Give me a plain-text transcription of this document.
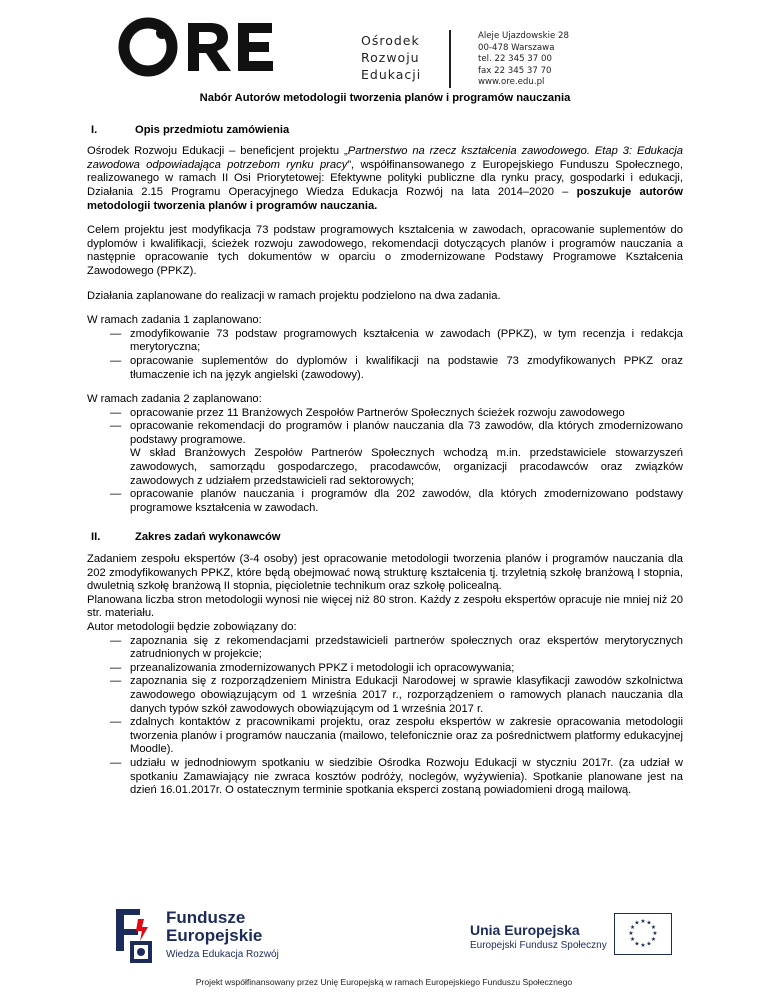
Ośrodek
Rozwoju
Edukacji
Aleje Ujazdowskie 28
00-478 Warszawa
tel. 22 345 37 00
fax 22 345 37 70
www.ore.edu.pl
Nabór Autorów metodologii tworzenia planów i programów nauczania
I.	Opis przedmiotu zamówienia

Ośrodek Rozwoju Edukacji – beneficjent projektu „Partnerstwo na rzecz kształcenia zawodowego. Etap 3: Edukacja zawodowa odpowiadająca potrzebom rynku pracy”, współfinansowanego z Europejskiego Funduszu Społecznego, realizowanego w ramach II Osi Priorytetowej: Efektywne polityki publiczne dla rynku pracy, gospodarki i edukacji, Działania 2.15 Programu Operacyjnego Wiedza Edukacja Rozwój na lata 2014–2020 – poszukuje autorów metodologii tworzenia planów i programów nauczania.

Celem projektu jest modyfikacja 73 podstaw programowych kształcenia w zawodach, opracowanie suplementów do dyplomów i kwalifikacji, ścieżek rozwoju zawodowego, rekomendacji dotyczących planów i programów nauczania a następnie opracowanie tych dokumentów w oparciu o zmodernizowane Podstawy Programowe Kształcenia Zawodowego (PPKZ).

Działania zaplanowane do realizacji w ramach projektu podzielono na dwa zadania.

W ramach zadania 1 zaplanowano:

— zmodyfikowanie 73 podstaw programowych kształcenia w zawodach (PPKZ), w tym recenzja i redakcja merytoryczna;
— opracowanie suplementów do dyplomów i kwalifikacji na podstawie 73 zmodyfikowanych PPKZ oraz tłumaczenie ich na język angielski (zawodowy).

W ramach zadania 2 zaplanowano:

— opracowanie przez 11 Branżowych Zespołów Partnerów Społecznych ścieżek rozwoju zawodowego
— opracowanie rekomendacji do programów i planów nauczania dla 73 zawodów, dla których zmodernizowano podstawy programowe.
W skład Branżowych Zespołów Partnerów Społecznych wchodzą m.in. przedstawiciele stowarzyszeń zawodowych, samorządu gospodarczego, pracodawców, organizacji pracodawców oraz związków zawodowych z udziałem przedstawicieli rad sektorowych;
— opracowanie planów nauczania i programów dla 202 zawodów, dla których zmodernizowano podstawy programowe kształcenia w zawodach.
II.	Zakres zadań wykonawców

Zadaniem zespołu ekspertów (3-4 osoby) jest opracowanie metodologii tworzenia planów i programów nauczania dla 202 zmodyfikowanych PPKZ, które będą obejmować nową strukturę kształcenia tj. trzyletnią szkołę branżową I stopnia, dwuletnią szkołę branżową II stopnia, pięcioletnie technikum oraz szkołę policealną.

Planowana liczba stron metodologii wynosi nie więcej niż 80 stron. Każdy z zespołu ekspertów opracuje nie mniej niż 20 str. materiału.

Autor metodologii będzie zobowiązany do:

— zapoznania się z rekomendacjami przedstawicieli partnerów społecznych oraz ekspertów merytorycznych zatrudnionych w projekcie;
— przeanalizowania zmodernizowanych PPKZ i metodologii ich opracowywania;
— zapoznania się z rozporządzeniem Ministra Edukacji Narodowej w sprawie klasyfikacji zawodów szkolnictwa zawodowego obowiązującym od 1 września 2017 r., rozporządzeniem o ramowych planach nauczania dla danych typów szkół zawodowych obowiązującym od 1 września 2017 r.
— zdalnych kontaktów z pracownikami projektu, oraz zespołu ekspertów w zakresie opracowania metodologii tworzenia planów i programów nauczania (mailowo, telefonicznie oraz za pośrednictwem platformy edukacyjnej Moodle).
— udziału w jednodniowym spotkaniu w siedzibie Ośrodka Rozwoju Edukacji w styczniu 2017r. (za udział w spotkaniu Zamawiający nie zwraca kosztów podróży, noclegów, wyżywienia). Spotkanie planowane jest na dzień 16.01.2017r. O ostatecznym terminie spotkania eksperci zostaną powiadomieni drogą mailową.
Fundusze
Europejskie
Wiedza Edukacja Rozwój
Unia Europejska
Europejski Fundusz Społeczny
★ ★
★
★
★
★
★
★
★
★
★
★
Projekt współfinansowany przez Unię Europejską w ramach Europejskiego Funduszu Społecznego
